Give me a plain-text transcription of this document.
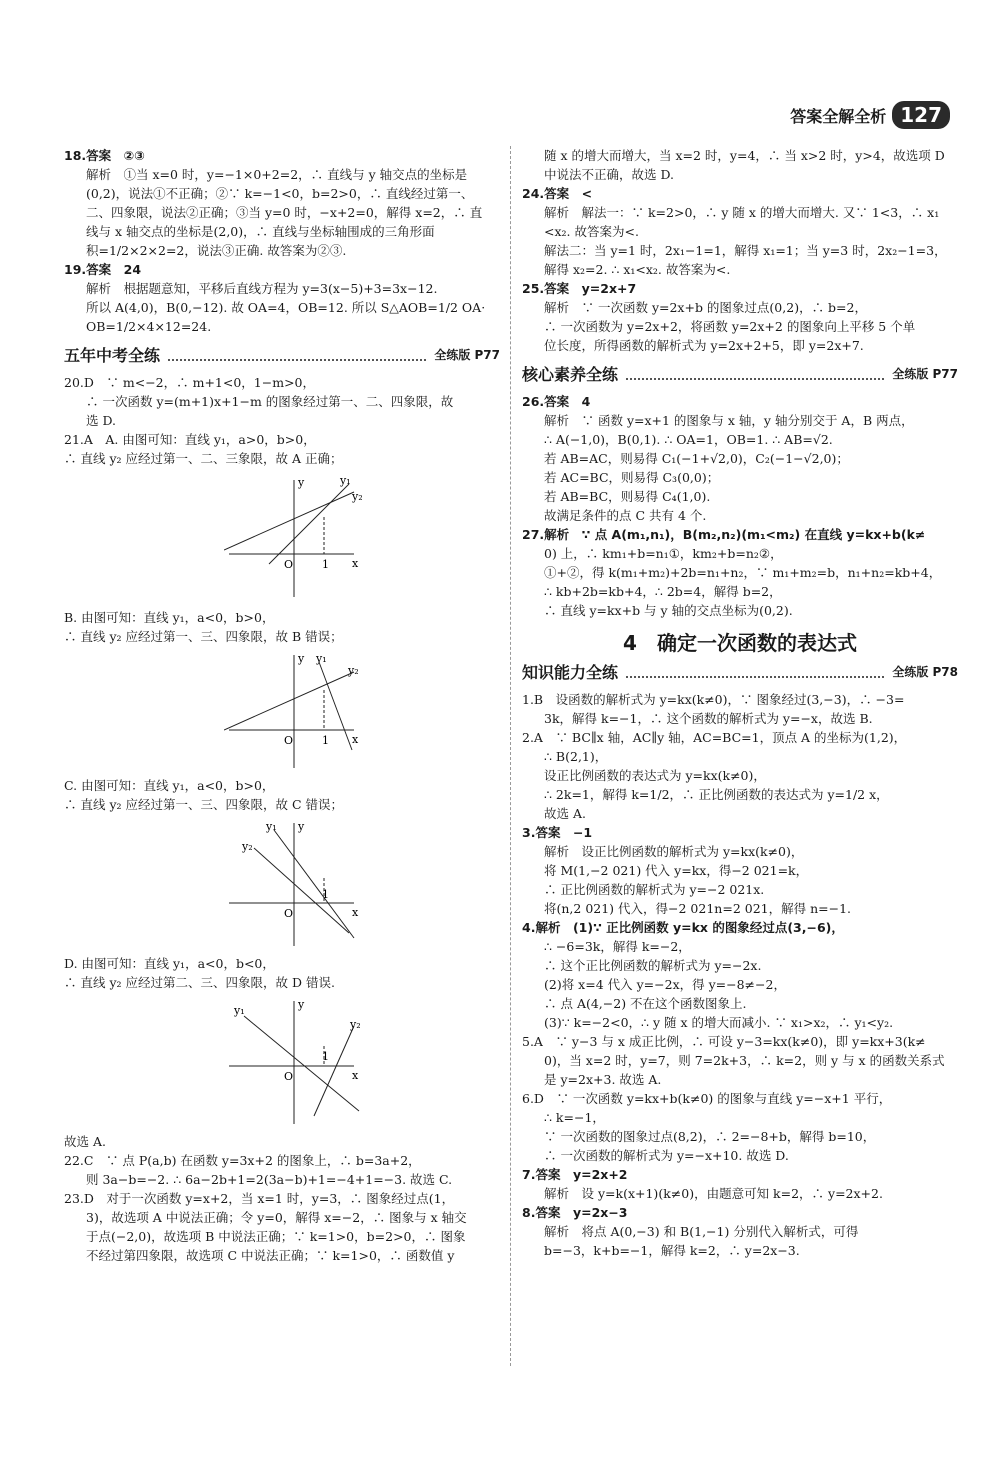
答案全解全析 127
18.答案　②③
解析　①当 x=0 时，y=−1×0+2=2，∴ 直线与 y 轴交点的坐标是
(0,2)，说法①不正确；②∵ k=−1<0，b=2>0，∴ 直线经过第一、
二、四象限，说法②正确；③当 y=0 时，−x+2=0，解得 x=2，∴ 直
线与 x 轴交点的坐标是(2,0)，∴ 直线与坐标轴围成的三角形面
积=1/2×2×2=2，说法③正确. 故答案为②③.
19.答案　24
解析　根据题意知，平移后直线方程为 y=3(x−5)+3=3x−12.
所以 A(4,0)，B(0,−12). 故 OA=4，OB=12. 所以 S△AOB=1/2 OA·
OB=1/2×4×12=24.
五年中考全练	全练版 P77
20.D　∵ m<−2，∴ m+1<0，1−m>0，
∴ 一次函数 y=(m+1)x+1−m 的图象经过第一、二、四象限，故
选 D.
21.A　A. 由图可知：直线 y₁，a>0，b>0，
∴ 直线 y₂ 应经过第一、二、三象限，故 A 正确；
O	1 x
y	y₁
y₂
B. 由图可知：直线 y₁，a<0，b>0，
∴ 直线 y₂ 应经过第一、三、四象限，故 B 错误；
O	1 x
y y₁
y₂
C. 由图可知：直线 y₁，a<0，b>0，
∴ 直线 y₂ 应经过第一、三、四象限，故 C 错误；
O
1
x
y
y₁
y₂
D. 由图可知：直线 y₁，a<0，b<0，
∴ 直线 y₂ 应经过第二、三、四象限，故 D 错误.
O
1
x
y
y₁
y₂
故选 A.
22.C　∵ 点 P(a,b) 在函数 y=3x+2 的图象上，∴ b=3a+2，
则 3a−b=−2. ∴ 6a−2b+1=2(3a−b)+1=−4+1=−3. 故选 C.
23.D　对于一次函数 y=x+2，当 x=1 时，y=3，∴ 图象经过点(1，
3)，故选项 A 中说法正确；令 y=0，解得 x=−2，∴ 图象与 x 轴交
于点(−2,0)，故选项 B 中说法正确；∵ k=1>0，b=2>0，∴ 图象
不经过第四象限，故选项 C 中说法正确；∵ k=1>0，∴ 函数值 y
随 x 的增大而增大，当 x=2 时，y=4，∴ 当 x>2 时，y>4，故选项 D
中说法不正确，故选 D.
24.答案　<
解析　解法一：∵ k=2>0，∴ y 随 x 的增大而增大. 又∵ 1<3，∴ x₁
<x₂. 故答案为<.
解法二：当 y=1 时，2x₁−1=1，解得 x₁=1；当 y=3 时，2x₂−1=3，
解得 x₂=2. ∴ x₁<x₂. 故答案为<.
25.答案　y=2x+7
解析　∵ 一次函数 y=2x+b 的图象过点(0,2)，∴ b=2，
∴ 一次函数为 y=2x+2，将函数 y=2x+2 的图象向上平移 5 个单
位长度，所得函数的解析式为 y=2x+2+5，即 y=2x+7.
核心素养全练	全练版 P77
26.答案　4
解析　∵ 函数 y=x+1 的图象与 x 轴，y 轴分别交于 A，B 两点，
∴ A(−1,0)，B(0,1). ∴ OA=1，OB=1. ∴ AB=√2.
若 AB=AC，则易得 C₁(−1+√2,0)，C₂(−1−√2,0)；
若 AC=BC，则易得 C₃(0,0)；
若 AB=BC，则易得 C₄(1,0).
故满足条件的点 C 共有 4 个.
27.解析　∵ 点 A(m₁,n₁)，B(m₂,n₂)(m₁<m₂) 在直线 y=kx+b(k≠
0) 上，∴ km₁+b=n₁①，km₂+b=n₂②，
①+②，得 k(m₁+m₂)+2b=n₁+n₂，∵ m₁+m₂=b，n₁+n₂=kb+4，
∴ kb+2b=kb+4，∴ 2b=4，解得 b=2，
∴ 直线 y=kx+b 与 y 轴的交点坐标为(0,2).
4　确定一次函数的表达式
知识能力全练	全练版 P78
1.B　设函数的解析式为 y=kx(k≠0)，∵ 图象经过(3,−3)，∴ −3=
3k，解得 k=−1，∴ 这个函数的解析式为 y=−x，故选 B.
2.A　∵ BC∥x 轴，AC∥y 轴，AC=BC=1，顶点 A 的坐标为(1,2)，
∴ B(2,1)，
设正比例函数的表达式为 y=kx(k≠0)，
∴ 2k=1，解得 k=1/2，∴ 正比例函数的表达式为 y=1/2 x，
故选 A.
3.答案　−1
解析　设正比例函数的解析式为 y=kx(k≠0)，
将 M(1,−2 021) 代入 y=kx，得−2 021=k，
∴ 正比例函数的解析式为 y=−2 021x.
将(n,2 021) 代入，得−2 021n=2 021，解得 n=−1.
4.解析　(1)∵ 正比例函数 y=kx 的图象经过点(3,−6)，
∴ −6=3k，解得 k=−2，
∴ 这个正比例函数的解析式为 y=−2x.
(2)将 x=4 代入 y=−2x，得 y=−8≠−2，
∴ 点 A(4,−2) 不在这个函数图象上.
(3)∵ k=−2<0，∴ y 随 x 的增大而减小. ∵ x₁>x₂，∴ y₁<y₂.
5.A　∵ y−3 与 x 成正比例，∴ 可设 y−3=kx(k≠0)，即 y=kx+3(k≠
0)，当 x=2 时，y=7，则 7=2k+3，∴ k=2，则 y 与 x 的函数关系式
是 y=2x+3. 故选 A.
6.D　∵ 一次函数 y=kx+b(k≠0) 的图象与直线 y=−x+1 平行，
∴ k=−1，
∵ 一次函数的图象过点(8,2)，∴ 2=−8+b，解得 b=10，
∴ 一次函数的解析式为 y=−x+10. 故选 D.
7.答案　y=2x+2
解析　设 y=k(x+1)(k≠0)，由题意可知 k=2，∴ y=2x+2.
8.答案　y=2x−3
解析　将点 A(0,−3) 和 B(1,−1) 分别代入解析式，可得
b=−3，k+b=−1，解得 k=2，∴ y=2x−3.
